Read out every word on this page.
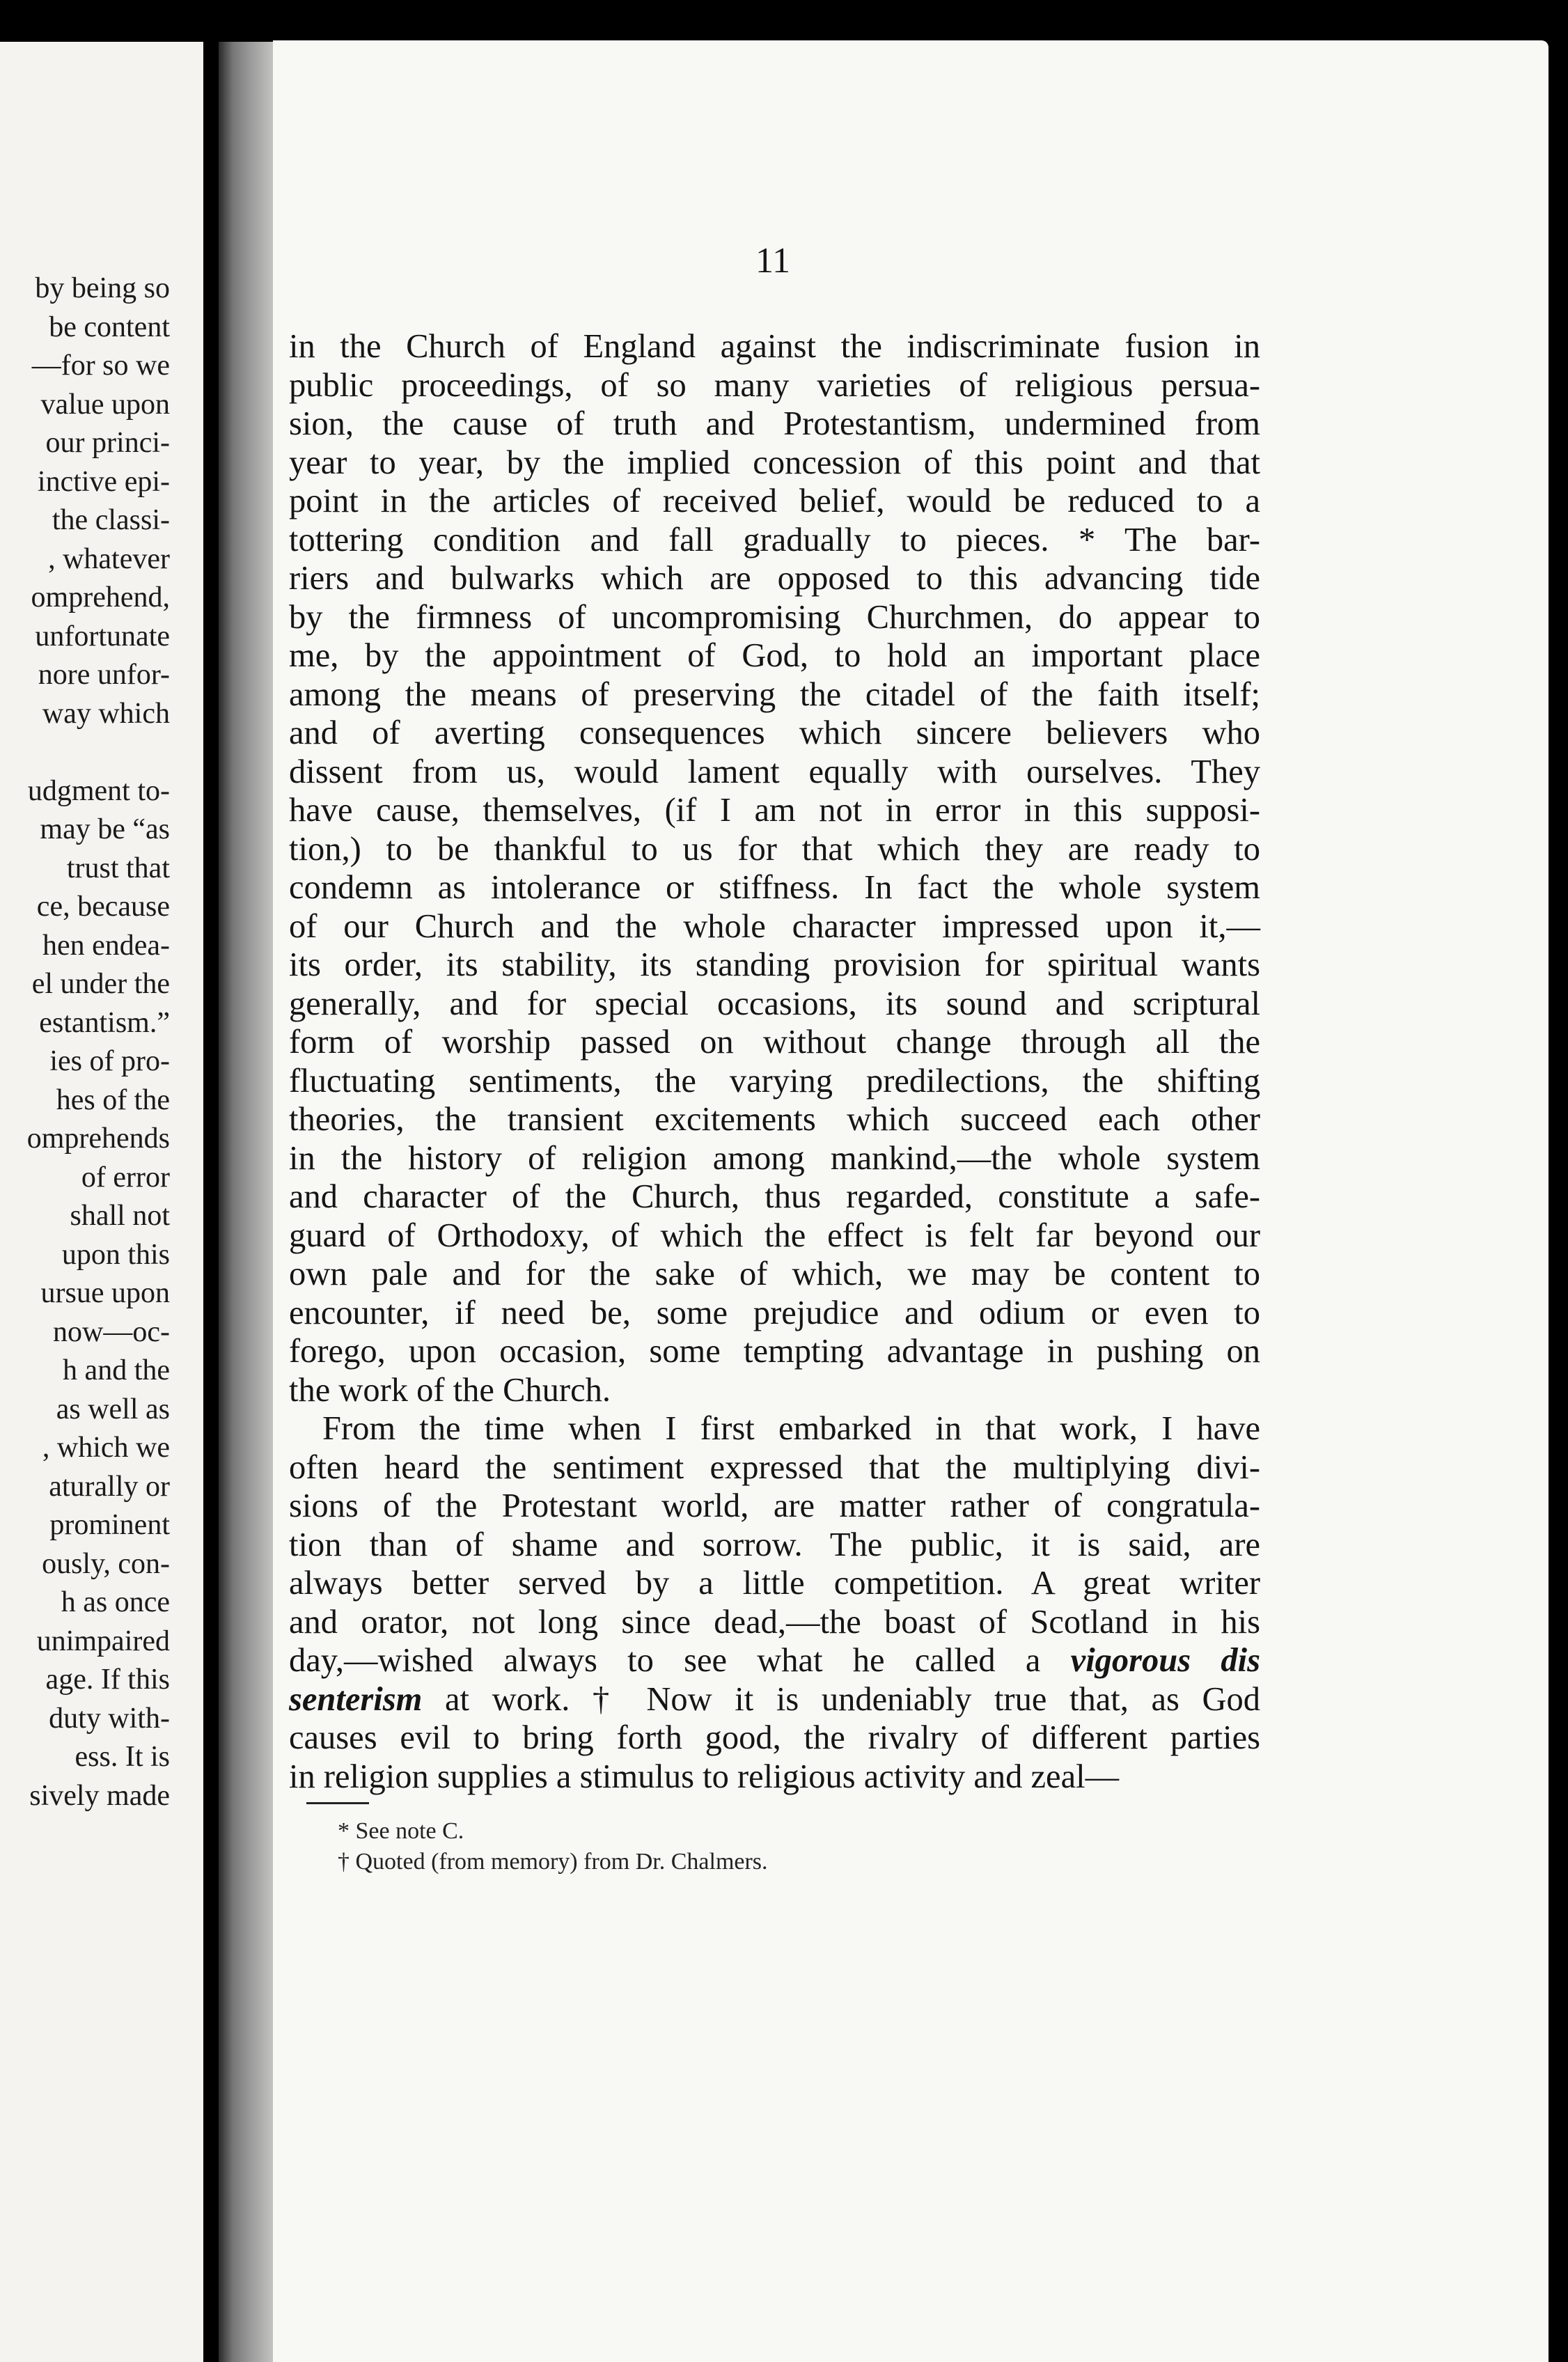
by being so
be content
—for so we
value upon
our princi-
inctive epi-
the classi-
, whatever
omprehend,
unfortunate
nore unfor-
way which
udgment to-
may be “as
trust that
ce, because
hen endea-
el under the
estantism.”
ies of pro-
hes of the
omprehends
of error
shall not
upon this
ursue upon
now—oc-
h and the
as well as
, which we
aturally or
prominent
ously, con-
h as once
unimpaired
age. If this
duty with-
ess. It is
sively made
11
in the Church of England against the indiscriminate fusion in
public proceedings, of so many varieties of religious persua-
sion, the cause of truth and Protestantism, undermined from
year to year, by the implied concession of this point and that
point in the articles of received belief, would be reduced to a
tottering condition and fall gradually to pieces. * The bar-
riers and bulwarks which are opposed to this advancing tide
by the firmness of uncompromising Churchmen, do appear to
me, by the appointment of God, to hold an important place
among the means of preserving the citadel of the faith itself;
and of averting consequences which sincere believers who
dissent from us, would lament equally with ourselves. They
have cause, themselves, (if I am not in error in this supposi-
tion,) to be thankful to us for that which they are ready to
condemn as intolerance or stiffness. In fact the whole system
of our Church and the whole character impressed upon it,—
its order, its stability, its standing provision for spiritual wants
generally, and for special occasions, its sound and scriptural
form of worship passed on without change through all the
fluctuating sentiments, the varying predilections, the shifting
theories, the transient excitements which succeed each other
in the history of religion among mankind,—the whole system
and character of the Church, thus regarded, constitute a safe-
guard of Orthodoxy, of which the effect is felt far beyond our
own pale and for the sake of which, we may be content to
encounter, if need be, some prejudice and odium or even to
forego, upon occasion, some tempting advantage in pushing on
the work of the Church.
From the time when I first embarked in that work, I have
often heard the sentiment expressed that the multiplying divi-
sions of the Protestant world, are matter rather of congratula-
tion than of shame and sorrow. The public, it is said, are
always better served by a little competition. A great writer
and orator, not long since dead,—the boast of Scotland in his
day,—wished always to see what he called a vigorous dis
senterism at work. † Now it is undeniably true that, as God
causes evil to bring forth good, the rivalry of different parties
in religion supplies a stimulus to religious activity and zeal—
* See note C.
† Quoted (from memory) from Dr. Chalmers.
